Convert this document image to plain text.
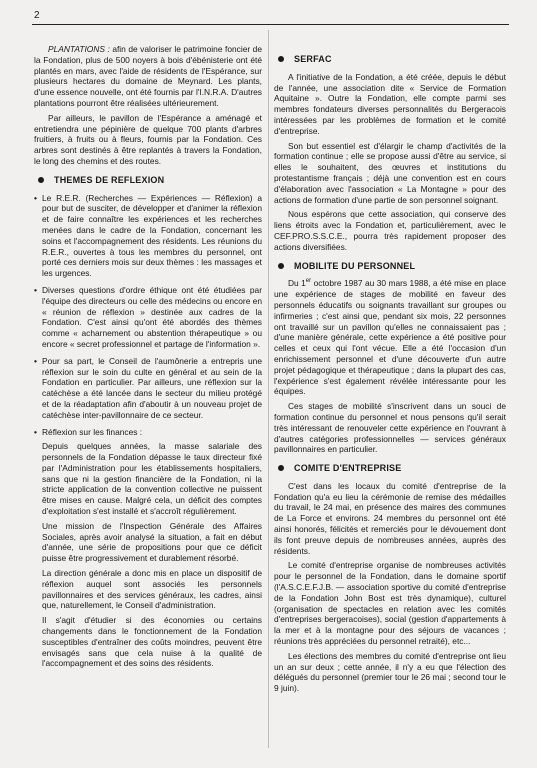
2

PLANTATIONS : afin de valoriser le patrimoine foncier de la Fondation, plus de 500 noyers à bois d'ébénisterie ont été plantés en mars, avec l'aide de résidents de l'Espérance, sur plusieurs hectares du domaine de Meynard. Les plants, d'une essence nouvelle, ont été fournis par l'I.N.R.A. D'autres plantations pourront être réalisées ultérieurement.

Par ailleurs, le pavillon de l'Espérance a aménagé et entretiendra une pépinière de quelque 700 plants d'arbres fruitiers, à fruits ou à fleurs, fournis par la Fondation. Ces arbres sont destinés à être replantés à travers la Fondation, le long des chemins et des routes.

THEMES DE REFLEXION
• Le R.E.R. (Recherches — Expériences — Réflexion) a pour but de susciter, de développer et d'animer la réflexion et de faire connaître les expériences et les recherches menées dans le cadre de la Fondation, concernant les soins et l'accompagnement des résidents. Les réunions du R.E.R., ouvertes à tous les membres du personnel, ont porté ces derniers mois sur deux thèmes : les massages et les urgences.
• Diverses questions d'ordre éthique ont été étudiées par l'équipe des directeurs ou celle des médecins ou encore en « réunion de réflexion » destinée aux cadres de la Fondation. C'est ainsi qu'ont été abordés des thèmes comme « acharnement ou abstention thérapeutique » ou encore « secret professionnel et partage de l'information ».
• Pour sa part, le Conseil de l'aumônerie a entrepris une réflexion sur le soin du culte en général et au sein de la Fondation en particulier. Par ailleurs, une réflexion sur la catéchèse a été lancée dans le secteur du milieu protégé et de la réadaptation afin d'aboutir à un nouveau projet de catéchèse inter-pavillonnaire de ce secteur.
• Réflexion sur les finances :

Depuis quelques années, la masse salariale des personnels de la Fondation dépasse le taux directeur fixé par l'Administration pour les établissements hospitaliers, sans que ni la gestion financière de la Fondation, ni la stricte application de la convention collective ne puissent être mises en cause. Malgré cela, un déficit des comptes d'exploitation s'est installé et s'accroît régulièrement.

Une mission de l'Inspection Générale des Affaires Sociales, après avoir analysé la situation, a fait en début d'année, une série de propositions pour que ce déficit puisse être progressivement et durablement résorbé.

La direction générale a donc mis en place un dispositif de réflexion auquel sont associés les personnels pavillonnaires et des services généraux, les cadres, ainsi que, naturellement, le Conseil d'administration.

Il s'agit d'étudier si des économies ou certains changements dans le fonctionnement de la Fondation susceptibles d'entraîner des coûts moindres, peuvent être envisagés sans que cela nuise à la qualité de l'accompagnement et des soins des résidents.

SERFAC

A l'initiative de la Fondation, a été créée, depuis le début de l'année, une association dite « Service de Formation Aquitaine ». Outre la Fondation, elle compte parmi ses membres fondateurs diverses personnalités du Bergeracois intéressées par les problèmes de formation et le comité d'entreprise.

Son but essentiel est d'élargir le champ d'activités de la formation continue ; elle se propose aussi d'être au service, si elles le souhaitent, des œuvres et institutions du protestantisme français ; déjà une convention est en cours d'élaboration avec l'association « La Montagne » pour des actions de formation d'une partie de son personnel soignant.

Nous espérons que cette association, qui conserve des liens étroits avec la Fondation et, particulièrement, avec le CEF.PRO.S.S.C.E., pourra très rapidement proposer des actions diversifiées.

MOBILITE DU PERSONNEL

Du 1er octobre 1987 au 30 mars 1988, a été mise en place une expérience de stages de mobilité en faveur des personnels éducatifs ou soignants travaillant sur groupes ou infirmeries ; c'est ainsi que, pendant six mois, 22 personnes ont travaillé sur un pavillon qu'elles ne connaissaient pas ; d'une manière générale, cette expérience a été positive pour celles et ceux qui l'ont vécue. Elle a été l'occasion d'un enrichissement personnel et d'une découverte d'un autre projet pédagogique et thérapeutique ; dans la plupart des cas, l'expérience s'est également révélée intéressante pour les équipes.

Ces stages de mobilité s'inscrivent dans un souci de formation continue du personnel et nous pensons qu'il serait très intéressant de renouveler cette expérience en l'ouvrant à d'autres catégories professionnelles — services généraux pavillonnaires en particulier.

COMITE D'ENTREPRISE

C'est dans les locaux du comité d'entreprise de la Fondation qu'a eu lieu la cérémonie de remise des médailles du travail, le 24 mai, en présence des maires des communes de La Force et environs. 24 membres du personnel ont été ainsi honorés, félicités et remerciés pour le dévouement dont ils font preuve depuis de nombreuses années, auprès des résidents.

Le comité d'entreprise organise de nombreuses activités pour le personnel de la Fondation, dans le domaine sportif (l'A.S.C.E.F.J.B. — association sportive du comité d'entreprise de la Fondation John Bost est très dynamique), culturel (organisation de spectacles en relation avec les comités d'entreprises bergeracoises), social (gestion d'appartements à la mer et à la montagne pour des séjours de vacances ; réunions très appréciées du personnel retraité), etc...

Les élections des membres du comité d'entreprise ont lieu un an sur deux ; cette année, il n'y a eu que l'élection des délégués du personnel (premier tour le 26 mai ; second tour le 9 juin).
